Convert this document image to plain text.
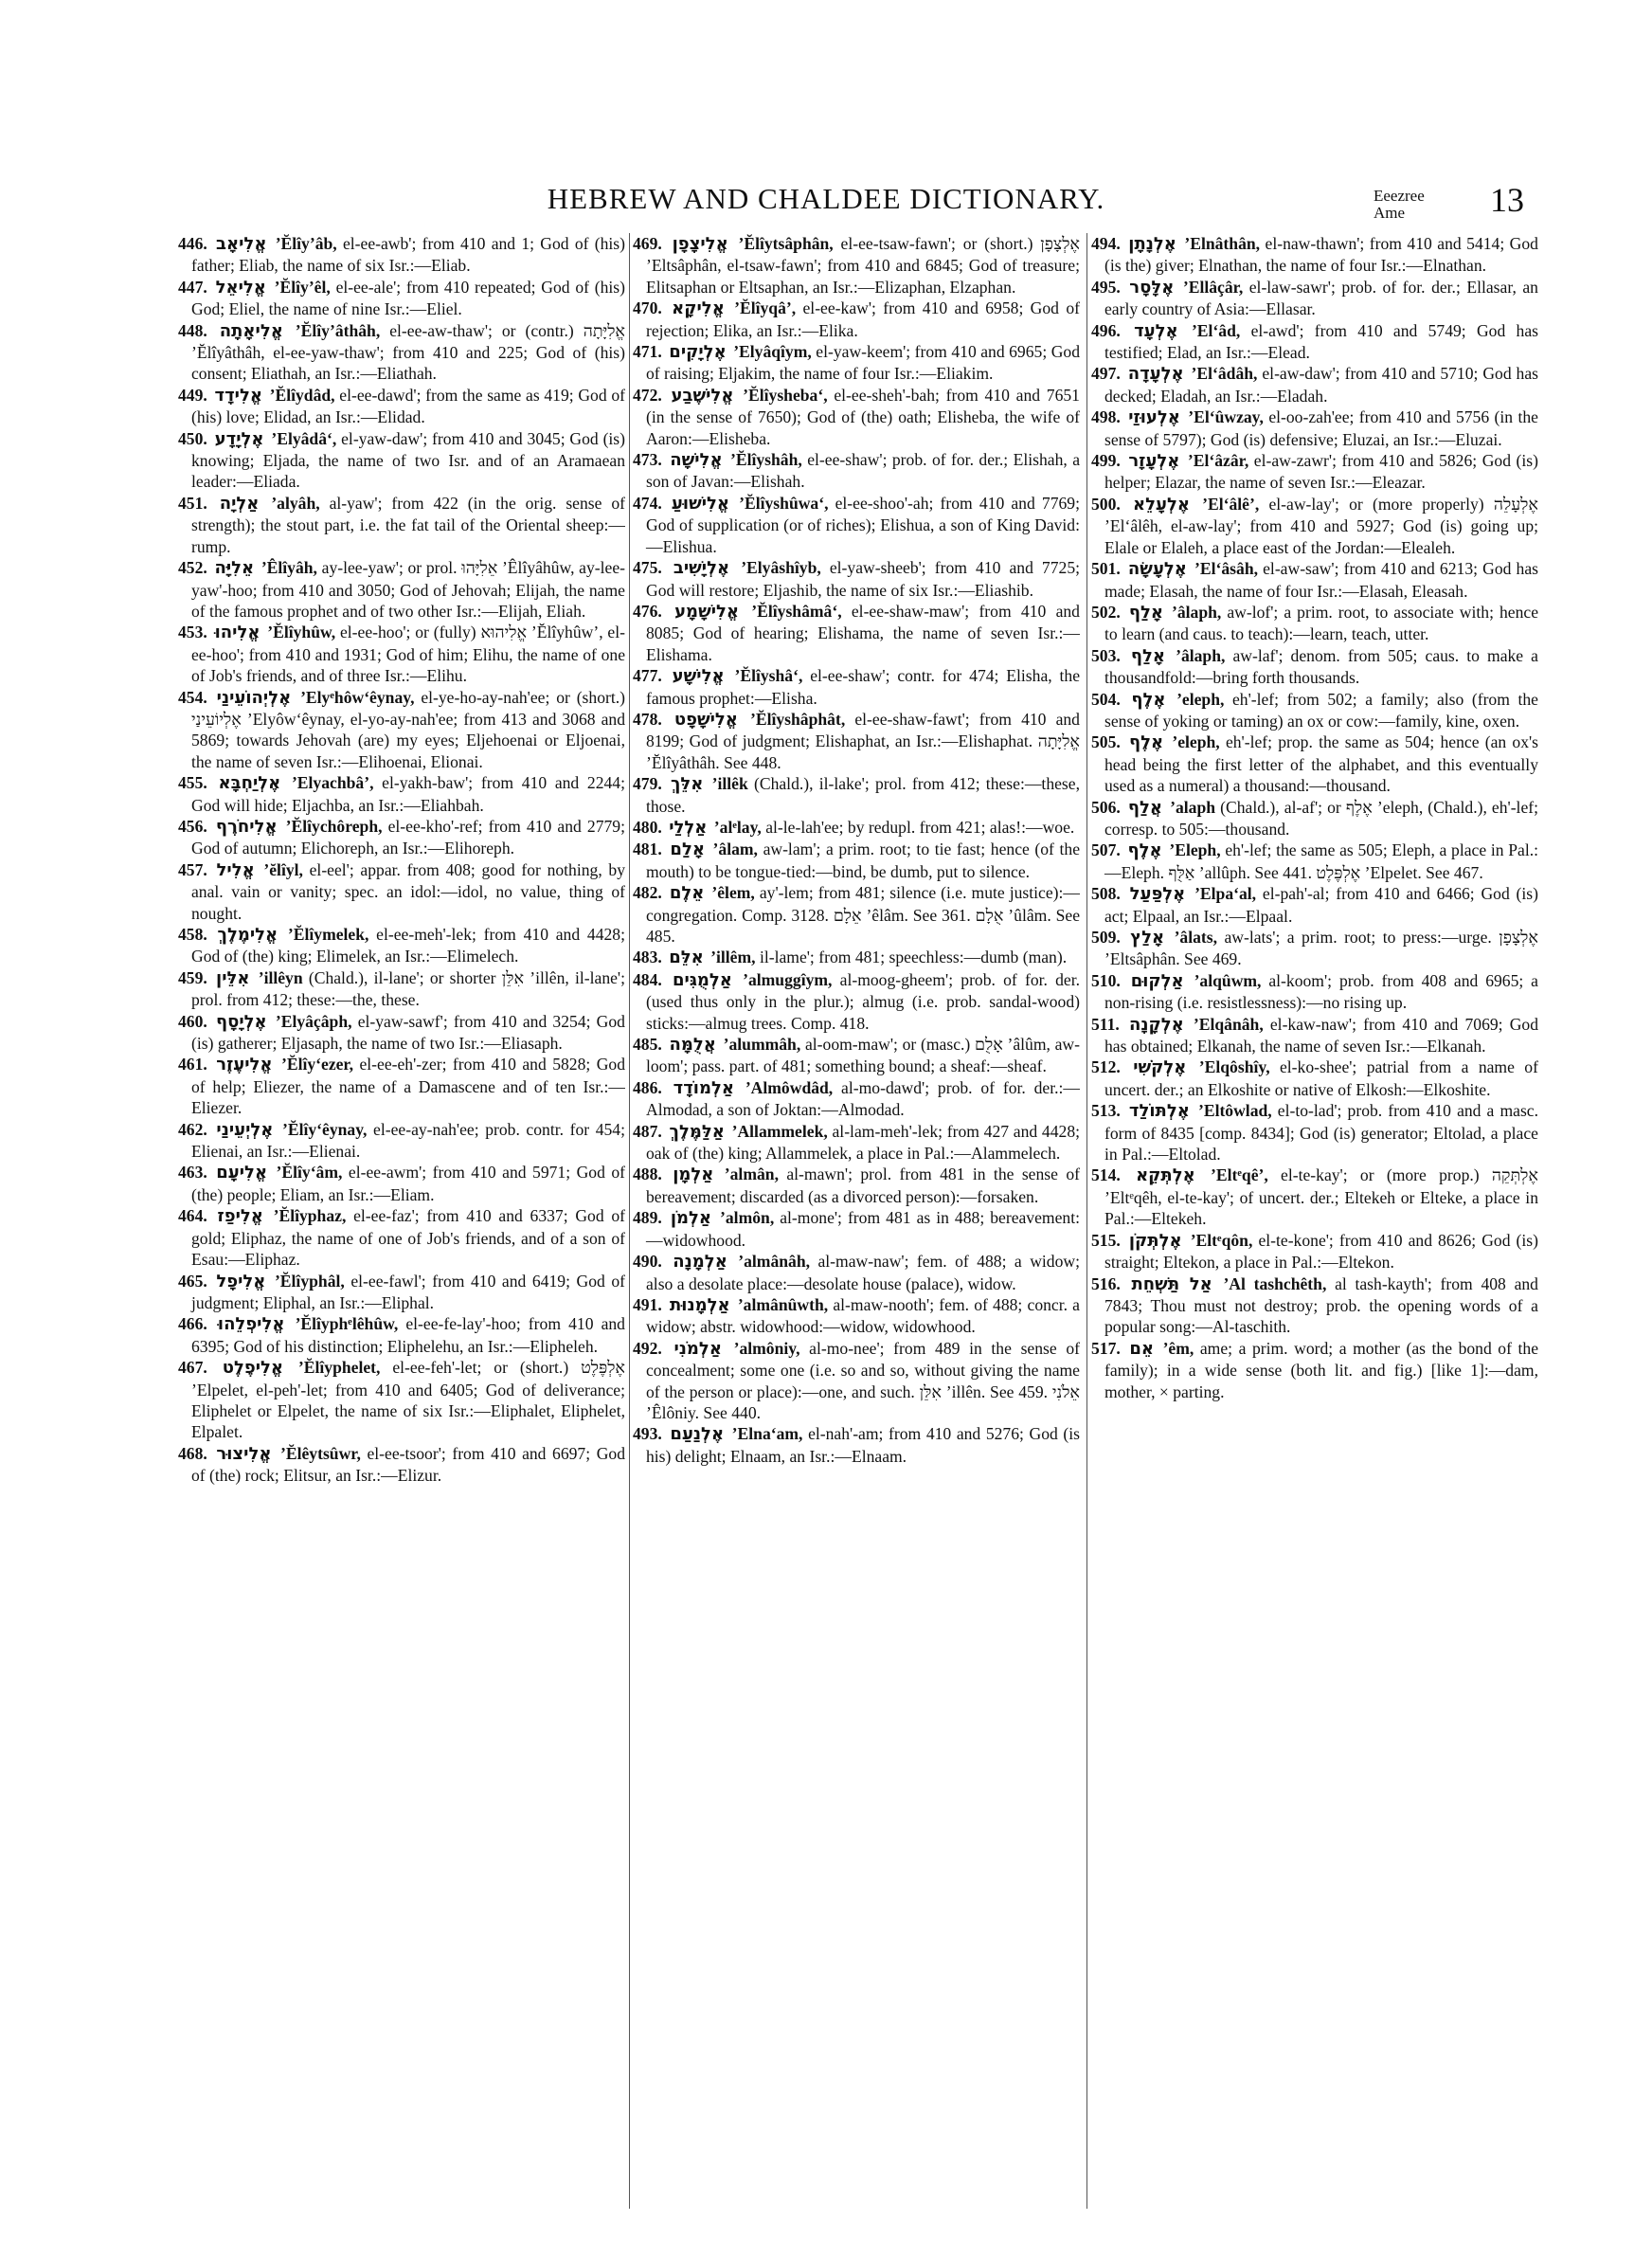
HEBREW AND CHALDEE DICTIONARY.	Eeezree
Ame	13

446. אֱלִיאָב ’Ĕlîy’âb, el-ee-awb'; from 410 and 1; God of (his) father; Eliab, the name of six Isr.:—Eliab.

447. אֱלִיאֵל ’Ĕlîy’êl, el-ee-ale'; from 410 repeated; God of (his) God; Eliel, the name of nine Isr.:—Eliel.

448. אֱלִיאָתָה ’Ĕlîy’âthâh, el-ee-aw-thaw'; or (contr.) אֱלִיָּתָה ’Ĕlîyâthâh, el-ee-yaw-thaw'; from 410 and 225; God of (his) consent; Eliathah, an Isr.:—Eliathah.

449. אֱלִידָד ’Ĕlîydâd, el-ee-dawd'; from the same as 419; God of (his) love; Elidad, an Isr.:—Elidad.

450. אֶלְיָדָע ’Elyâdâʻ, el-yaw-daw'; from 410 and 3045; God (is) knowing; Eljada, the name of two Isr. and of an Aramaean leader:—Eliada.

451. אַלְיָה ’alyâh, al-yaw'; from 422 (in the orig. sense of strength); the stout part, i.e. the fat tail of the Oriental sheep:—rump.

452. אֵלִיָּה ’Êlîyâh, ay-lee-yaw'; or prol. אֵלִיָּהוּ ’Êlîyâhûw, ay-lee-yaw'-hoo; from 410 and 3050; God of Jehovah; Elijah, the name of the famous prophet and of two other Isr.:—Elijah, Eliah.

453. אֱלִיהוּ ’Ĕlîyhûw, el-ee-hoo'; or (fully) אֱלִיהוּא ’Ĕlîyhûw’, el-ee-hoo'; from 410 and 1931; God of him; Elihu, the name of one of Job's friends, and of three Isr.:—Elihu.

454. אֶלְיְהוֹעֵינַי ’Elyᵉhôwʻêynay, el-ye-ho-ay-nah'ee; or (short.) אֶלְיוֹעֵינַי ’Elyôwʻêynay, el-yo-ay-nah'ee; from 413 and 3068 and 5869; towards Jehovah (are) my eyes; Eljehoenai or Eljoenai, the name of seven Isr.:—Elihoenai, Elionai.

455. אֶלְיַחְבָּא ’Elyachbâ’, el-yakh-baw'; from 410 and 2244; God will hide; Eljachba, an Isr.:—Eliahbah.

456. אֱלִיחֹרֶף ’Ĕlîychôreph, el-ee-kho'-ref; from 410 and 2779; God of autumn; Elichoreph, an Isr.:—Elihoreph.

457. אֱלִיל ’ĕlîyl, el-eel'; appar. from 408; good for nothing, by anal. vain or vanity; spec. an idol:—idol, no value, thing of nought.

458. אֱלִימֶלֶךְ ’Ĕlîymelek, el-ee-meh'-lek; from 410 and 4428; God of (the) king; Elimelek, an Isr.:—Elimelech.

459. אִלֵּין ’illêyn (Chald.), il-lane'; or shorter אִלֵּן ’illên, il-lane'; prol. from 412; these:—the, these.

460. אֶלְיָסָף ’Elyâçâph, el-yaw-sawf'; from 410 and 3254; God (is) gatherer; Eljasaph, the name of two Isr.:—Eliasaph.

461. אֱלִיעֶזֶר ’Ĕlîyʻezer, el-ee-eh'-zer; from 410 and 5828; God of help; Eliezer, the name of a Damascene and of ten Isr.:—Eliezer.

462. אֶלְיְעֵינַי ’Ĕlîyʻêynay, el-ee-ay-nah'ee; prob. contr. for 454; Elienai, an Isr.:—Elienai.

463. אֱלִיעָם ’Ĕlîyʻâm, el-ee-awm'; from 410 and 5971; God of (the) people; Eliam, an Isr.:—Eliam.

464. אֱלִיפַז ’Ĕlîyphaz, el-ee-faz'; from 410 and 6337; God of gold; Eliphaz, the name of one of Job's friends, and of a son of Esau:—Eliphaz.

465. אֱלִיפָל ’Ĕlîyphâl, el-ee-fawl'; from 410 and 6419; God of judgment; Eliphal, an Isr.:—Eliphal.

466. אֱלִיפְלֵהוּ ’Ĕlîyphᵉlêhûw, el-ee-fe-lay'-hoo; from 410 and 6395; God of his distinction; Eliphelehu, an Isr.:—Elipheleh.

467. אֱלִיפֶלֶט ’Ĕlîyphelet, el-ee-feh'-let; or (short.) אֶלְפֶּלֶט ’Elpelet, el-peh'-let; from 410 and 6405; God of deliverance; Eliphelet or Elpelet, the name of six Isr.:—Eliphalet, Eliphelet, Elpalet.

468. אֱלִיצוּר ’Ĕlêytsûwr, el-ee-tsoor'; from 410 and 6697; God of (the) rock; Elitsur, an Isr.:—Elizur.

469. אֱלִיצָפָן ’Ĕlîytsâphân, el-ee-tsaw-fawn'; or (short.) אֶלְצָפָן ’Eltsâphân, el-tsaw-fawn'; from 410 and 6845; God of treasure; Elitsaphan or Eltsaphan, an Isr.:—Elizaphan, Elzaphan.

470. אֱלִיקָא ’Ĕlîyqâ’, el-ee-kaw'; from 410 and 6958; God of rejection; Elika, an Isr.:—Elika.

471. אֶלְיָקִים ’Elyâqîym, el-yaw-keem'; from 410 and 6965; God of raising; Eljakim, the name of four Isr.:—Eliakim.

472. אֱלִישֶׁבַע ’Ĕlîyshebaʻ, el-ee-sheh'-bah; from 410 and 7651 (in the sense of 7650); God of (the) oath; Elisheba, the wife of Aaron:—Elisheba.

473. אֱלִישָׁה ’Ĕlîyshâh, el-ee-shaw'; prob. of for. der.; Elishah, a son of Javan:—Elishah.

474. אֱלִישׁוּעַ ’Ĕlîyshûwaʻ, el-ee-shoo'-ah; from 410 and 7769; God of supplication (or of riches); Elishua, a son of King David:—Elishua.

475. אֶלְיָשִׁיב ’Elyâshîyb, el-yaw-sheeb'; from 410 and 7725; God will restore; Eljashib, the name of six Isr.:—Eliashib.

476. אֱלִישָׁמָע ’Ĕlîyshâmâʻ, el-ee-shaw-maw'; from 410 and 8085; God of hearing; Elishama, the name of seven Isr.:—Elishama.

477. אֱלִישָׁע ’Ĕlîyshâʻ, el-ee-shaw'; contr. for 474; Elisha, the famous prophet:—Elisha.

478. אֱלִישָׁפָט ’Ĕlîyshâphât, el-ee-shaw-fawt'; from 410 and 8199; God of judgment; Elishaphat, an Isr.:—Elishaphat. אֱלִיָּתָה ’Ĕlîyâthâh. See 448.

479. אִלֵּךְ ’illêk (Chald.), il-lake'; prol. from 412; these:—these, those.

480. אַלְלַי ’alᵉlay, al-le-lah'ee; by redupl. from 421; alas!:—woe.

481. אָלַם ’âlam, aw-lam'; a prim. root; to tie fast; hence (of the mouth) to be tongue-tied:—bind, be dumb, put to silence.

482. אֵלֶם ’êlem, ay'-lem; from 481; silence (i.e. mute justice):—congregation. Comp. 3128. אֵלָם ’êlâm. See 361. אֻלָם ’ûlâm. See 485.

483. אִלֵּם ’illêm, il-lame'; from 481; speechless:—dumb (man).

484. אַלְמֻגִּים ’almuggîym, al-moog-gheem'; prob. of for. der. (used thus only in the plur.); almug (i.e. prob. sandal-wood) sticks:—almug trees. Comp. 418.

485. אֲלֻמָּה ’alummâh, al-oom-maw'; or (masc.) אָלֻם ’âlûm, aw-loom'; pass. part. of 481; something bound; a sheaf:—sheaf.

486. אַלְמוֹדָד ’Almôwdâd, al-mo-dawd'; prob. of for. der.:—Almodad, a son of Joktan:—Almodad.

487. אַלַּמֶּלֶךְ ’Allammelek, al-lam-meh'-lek; from 427 and 4428; oak of (the) king; Allammelek, a place in Pal.:—Alammelech.

488. אַלְמָן ’almân, al-mawn'; prol. from 481 in the sense of bereavement; discarded (as a divorced person):—forsaken.

489. אַלְמֹן ’almôn, al-mone'; from 481 as in 488; bereavement:—widowhood.

490. אַלְמָנָה ’almânâh, al-maw-naw'; fem. of 488; a widow; also a desolate place:—desolate house (palace), widow.

491. אַלְמָנוּת ’almânûwth, al-maw-nooth'; fem. of 488; concr. a widow; abstr. widowhood:—widow, widowhood.

492. אַלְמֹנִי ’almôniy, al-mo-nee'; from 489 in the sense of concealment; some one (i.e. so and so, without giving the name of the person or place):—one, and such. אִלֵּן ’illên. See 459. אֵלֹנִי ’Êlôniy. See 440.

493. אֶלְנַעַם ’Elnaʻam, el-nah'-am; from 410 and 5276; God (is his) delight; Elnaam, an Isr.:—Elnaam.

494. אֶלְנָתָן ’Elnâthân, el-naw-thawn'; from 410 and 5414; God (is the) giver; Elnathan, the name of four Isr.:—Elnathan.

495. אֶלָּסָר ’Ellâçâr, el-law-sawr'; prob. of for. der.; Ellasar, an early country of Asia:—Ellasar.

496. אֶלְעָד ’Elʻâd, el-awd'; from 410 and 5749; God has testified; Elad, an Isr.:—Elead.

497. אֶלְעָדָה ’Elʻâdâh, el-aw-daw'; from 410 and 5710; God has decked; Eladah, an Isr.:—Eladah.

498. אֶלְעוּזַי ’Elʻûwzay, el-oo-zah'ee; from 410 and 5756 (in the sense of 5797); God (is) defensive; Eluzai, an Isr.:—Eluzai.

499. אֶלְעָזָר ’Elʻâzâr, el-aw-zawr'; from 410 and 5826; God (is) helper; Elazar, the name of seven Isr.:—Eleazar.

500. אֶלְעָלֵא ’Elʻâlê’, el-aw-lay'; or (more properly) אֶלְעָלֵה ’Elʻâlêh, el-aw-lay'; from 410 and 5927; God (is) going up; Elale or Elaleh, a place east of the Jordan:—Elealeh.

501. אֶלְעָשָׂה ’Elʻâsâh, el-aw-saw'; from 410 and 6213; God has made; Elasah, the name of four Isr.:—Elasah, Eleasah.

502. אָלַף ’âlaph, aw-lof'; a prim. root, to associate with; hence to learn (and caus. to teach):—learn, teach, utter.

503. אָלַף ’âlaph, aw-laf'; denom. from 505; caus. to make a thousandfold:—bring forth thousands.

504. אֶלֶף ’eleph, eh'-lef; from 502; a family; also (from the sense of yoking or taming) an ox or cow:—family, kine, oxen.

505. אֶלֶף ’eleph, eh'-lef; prop. the same as 504; hence (an ox's head being the first letter of the alphabet, and this eventually used as a numeral) a thousand:—thousand.

506. אֲלַף ’alaph (Chald.), al-af'; or אֶלֶף ’eleph, (Chald.), eh'-lef; corresp. to 505:—thousand.

507. אֶלֶף ’Eleph, eh'-lef; the same as 505; Eleph, a place in Pal.:—Eleph. אַלֻּף ’allûph. See 441. אֶלְפֶּלֶט ’Elpelet. See 467.

508. אֶלְפַּעַל ’Elpaʻal, el-pah'-al; from 410 and 6466; God (is) act; Elpaal, an Isr.:—Elpaal.

509. אָלַץ ’âlats, aw-lats'; a prim. root; to press:—urge. אֶלְצָפָן ’Eltsâphân. See 469.

510. אַלְקוּם ’alqûwm, al-koom'; prob. from 408 and 6965; a non-rising (i.e. resistlessness):—no rising up.

511. אֶלְקָנָה ’Elqânâh, el-kaw-naw'; from 410 and 7069; God has obtained; Elkanah, the name of seven Isr.:—Elkanah.

512. אֶלְקֹשִׁי ’Elqôshîy, el-ko-shee'; patrial from a name of uncert. der.; an Elkoshite or native of Elkosh:—Elkoshite.

513. אֶלְתּוֹלַד ’Eltôwlad, el-to-lad'; prob. from 410 and a masc. form of 8435 [comp. 8434]; God (is) generator; Eltolad, a place in Pal.:—Eltolad.

514. אֶלְתְּקֵא ’Eltᵉqê’, el-te-kay'; or (more prop.) אֶלְתְּקֵה ’Eltᵉqêh, el-te-kay'; of uncert. der.; Eltekeh or Elteke, a place in Pal.:—Eltekeh.

515. אֶלְתְּקֹן ’Eltᵉqôn, el-te-kone'; from 410 and 8626; God (is) straight; Eltekon, a place in Pal.:—Eltekon.

516. אַל תַּשְׁחֵת ’Al tashchêth, al tash-kayth'; from 408 and 7843; Thou must not destroy; prob. the opening words of a popular song:—Al-taschith.

517. אֵם ’êm, ame; a prim. word; a mother (as the bond of the family); in a wide sense (both lit. and fig.) [like 1]:—dam, mother, × parting.
